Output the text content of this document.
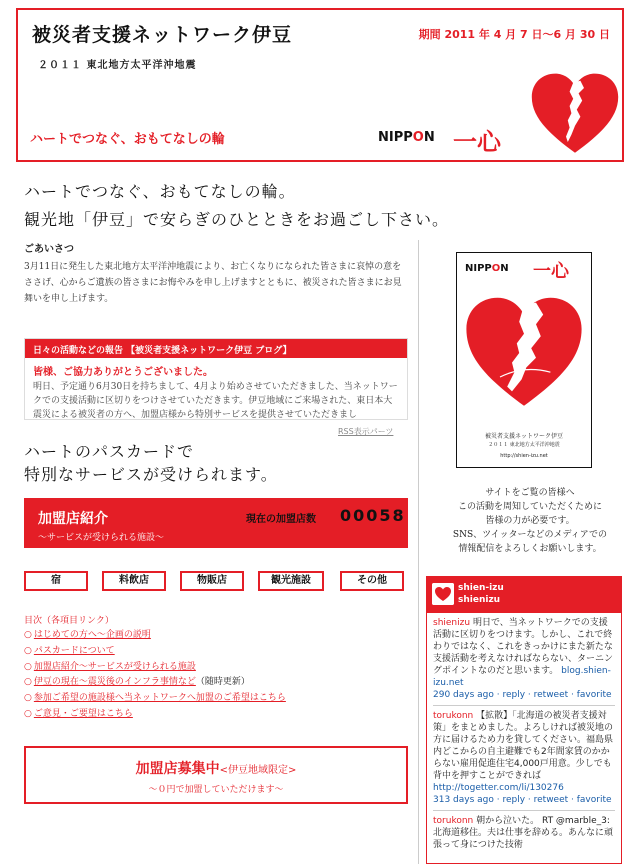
被災者支援ネットワーク伊豆
２０１１ 東北地方太平洋沖地震
期間 2011 年 4 月 7 日〜6 月 30 日
ハートでつなぐ、おもてなしの輪	NIPPON 一心
ハートでつなぐ、おもてなしの輪。
観光地「伊豆」で安らぎのひとときをお過ごし下さい。
ごあいさつ
3月11日に発生した東北地方太平洋沖地震により、お亡くなりになられた皆さまに哀悼の意をささげ、心からご遺族の皆さまにお悔やみを申し上げますとともに、被災された皆さまにお見舞いを申し上げます。
日々の活動などの報告 【被災者支援ネットワーク伊豆 ブログ】
皆様、ご協力ありがとうございました。
明日、予定通り6月30日を持ちまして、4月より始めさせていただきました、当ネットワークでの支援活動に区切りをつけさせていただきます。伊豆地域にご来場された、東日本大震災による被災者の方へ、加盟店様から特別サービスを提供させていただきまし
RSS表示パーツ
ハートのパスカードで
特別なサービスが受けられます。
加盟店紹介
〜サービスが受けられる施設〜
現在の加盟店数 00058
宿	料飲店	物販店	観光施設	その他
目次（各項目リンク）
○ はじめての方へ〜企画の説明
○ パスカードについて
○ 加盟店紹介〜サービスが受けられる施設
○ 伊豆の現在〜震災後のインフラ事情など（随時更新）
○ 参加ご希望の施設様へ当ネットワークへ加盟のご希望はこちら
○ ご意見・ご要望はこちら
加盟店募集中<伊豆地域限定>
〜０円で加盟していただけます〜
NIPPON 一心
被災者支援ネットワーク伊豆
２０１１ 東北地方太平洋沖地震
http://shien-izu.net
サイトをご覧の皆様へ
この活動を周知していただくために
皆様の力が必要です。
SNS、ツイッターなどのメディアでの
情報配信をよろしくお願いします。
shien-izu
shienizu
shienizu 明日で、当ネットワークでの支援活動に区切りをつけます。しかし、これで終わりではなく、これをきっかけにまた新たな支援活動を考えなければならない、ターニングポイントなのだと思います。 blog.shien-izu.net
290 days ago · reply · retweet · favorite
torukonn 【拡散】「北海道の被災者支援対策」をまとめました。よろしければ被災地の方に届けるため力を貸してください。福島県内どこからの自主避難でも2年間家賃のかからない雇用促進住宅4,000戸用意。少しでも背中を押すことができれば http://togetter.com/li/130276
313 days ago · reply · retweet · favorite
torukonn 朝から泣いた。 RT @marble_3: 北海道移住。夫は仕事を辞める。あんなに頑張って身につけた技術
